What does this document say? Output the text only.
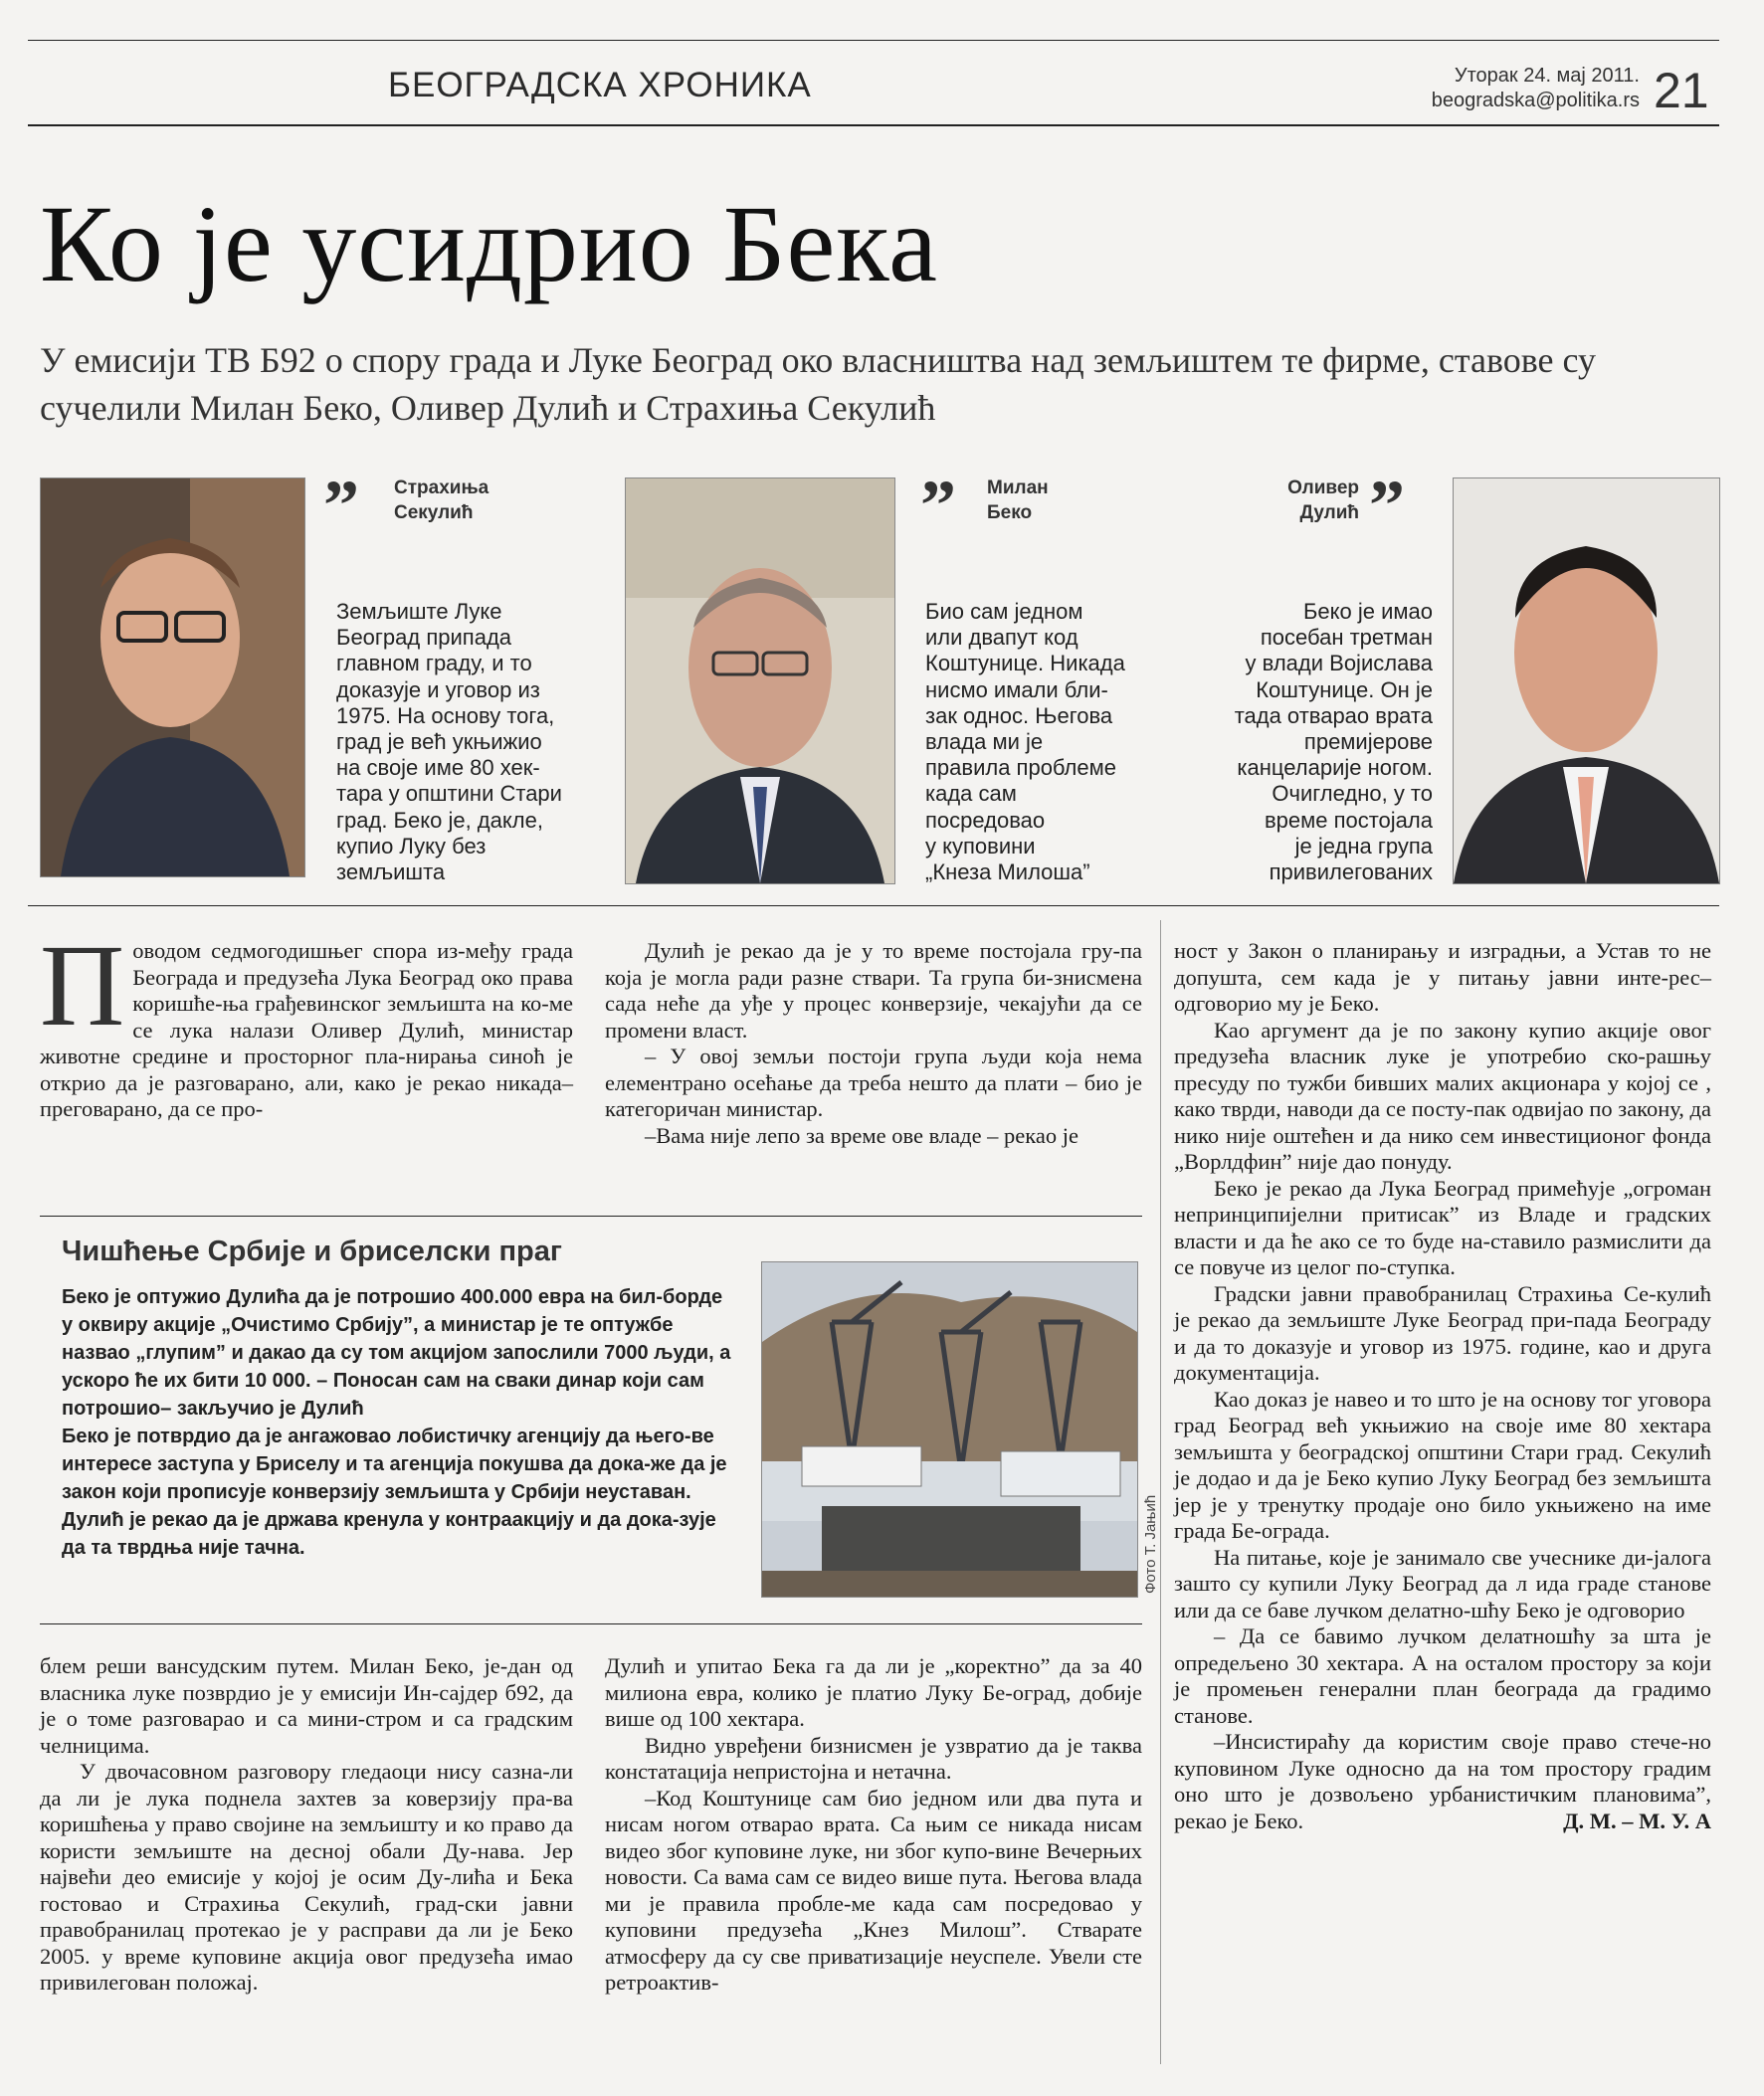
БЕОГРАДСКА ХРОНИКА	Уторак 24. мај 2011.
beogradska@politika.rs 21
Ко је усидрио Бека
У емисији ТВ Б92 о спору града и Луке Београд око власништва над земљиштем те фирме, ставове су сучелили Милан Беко, Оливер Дулић и Страхиња Секулић
” Страхиња
Секулић
Земљиште Луке
Београд припада
главном граду, и то
доказује и уговор из
1975. На основу тога,
град је већ укњижио
на своје име 80 хек-
тара у општини Стари
град. Беко је, дакле,
купио Луку без
земљишта
” Милан
Беко
Био сам једном
или двапут код
Коштунице. Никада
нисмо имали бли-
зак однос. Његова
влада ми је
правила проблеме
када сам
посредовао
у куповини
„Кнеза Милоша”
Оливер
Дулић ”
Беко је имао
посебан третман
у влади Војислава
Коштунице. Он је
тада отварао врата
премијерове
канцеларије ногом.
Очигледно, у то
време постојала
је једна група
привилегованих

Поводом седмогодишњег спора из-међу града Београда и предузећа Лука Београд око права коришће-ња грађевинског земљишта на ко-ме се лука налази Оливер Дулић, министар животне средине и просторног пла-нирања синоћ је открио да је разговарано, али, како је рекао никада– преговарано, да се про-

Дулић је рекао да је у то време постојала гру-па која је могла ради разне ствари. Та група би-знисмена сада неће да уђе у процес конверзије, чекајући да се промени власт.

– У овој земљи постоји група људи која нема елементрано осећање да треба нешто да плати – био је категоричан министар.

–Вама није лепо за време ове владе – рекао је

Чишћење Србије и бриселски праг

Беко је оптужио Дулића да је потрошио 400.000 евра на бил-борде у оквиру акције „Очистимо Србију”, а министар је те оптужбе назвао „глупим” и дакао да су том акцијом запослили 7000 људи, а ускоро ће их бити 10 000. – Поносан сам на сваки динар који сам потрошио– закључио је Дулић

Беко је потврдио да је ангажовао лобистичку агенцију да њего-ве интересе заступа у Бриселу и та агенција покушва да дока-же да је закон који прописује конверзију земљишта у Србији неуставан.

Дулић је рекао да је држава кренула у контраакцију и да дока-зује да та тврдња није тачна.	Фото Т. Јањић

блем реши вансудским путем. Милан Беко, је-дан од власника луке позврдио је у емисији Ин-сајдер б92, да је о томе разговарао и са мини-стром и са градским челницима.

У двочасовном разговору гледаоци нису сазна-ли да ли је лука поднела захтев за коверзију пра-ва коришћења у право својине на земљишту и ко право да користи земљиште на десној обали Ду-нава. Јер највећи део емисије у којој је осим Ду-лића и Бека гостовао и Страхиња Секулић, град-ски јавни правобранилац протекао је у расправи да ли је Беко 2005. у време куповине акција овог предузећа имао привилегован положај.

Дулић и упитао Бека га да ли је „коректно” да за 40 милиона евра, колико је платио Луку Бе-оград, добије више од 100 хектара.

Видно увређени бизнисмен је узвратио да је таква констатација непристојна и нетачна.

–Код Коштунице сам био једном или два пута и нисам ногом отварао врата. Са њим се никада нисам видео због куповине луке, ни због купо-вине Вечерњих новости. Са вама сам се видео више пута. Његова влада ми је правила пробле-ме када сам посредовао у куповини предузећа „Кнез Милош”. Стварате атмосферу да су све приватизације неуспеле. Увели сте ретроактив-

ност у Закон о планирању и изградњи, а Устав то не допушта, сем када је у питању јавни инте-рес– одговорио му је Беко.

Као аргумент да је по закону купио акције овог предузећа власник луке је употребио ско-рашњу пресуду по тужби бивших малих акционара у којој се , како тврди, наводи да се посту-пак одвијао по закону, да нико није оштећен и да нико сем инвестиционог фонда „Ворлдфин” није дао понуду.

Беко је рекао да Лука Београд примећује „огроман непринципијелни притисак” из Владе и градских власти и да ће ако се то буде на-ставило размислити да се повуче из целог по-ступка.

Градски јавни правобранилац Страхиња Се-кулић је рекао да земљиште Луке Београд при-пада Београду и да то доказује и уговор из 1975. године, као и друга документација.

Као доказ је навео и то што је на основу тог уговора град Београд већ укњижио на своје име 80 хектара земљишта у београдској општини Стари град. Секулић је додао и да је Беко купио Луку Београд без земљишта јер је у тренутку продаје оно било укњижено на име града Бе-ограда.

На питање, које је занимало све учеснике ди-јалога зашто су купили Луку Београд да л ида граде станове или да се баве лучком делатно-шћу Беко је одговорио

– Да се бавимо лучком делатношћу за шта је опредељено 30 хектара. А на осталом простору за који је промењен генерални план београда да градимо станове.

–Инсистираћу да користим своје право стече-но куповином Луке односно да на том простору градим оно што је дозвољено урбанистичким плановима”, рекао је Беко.	Д. М. – М. У. А
